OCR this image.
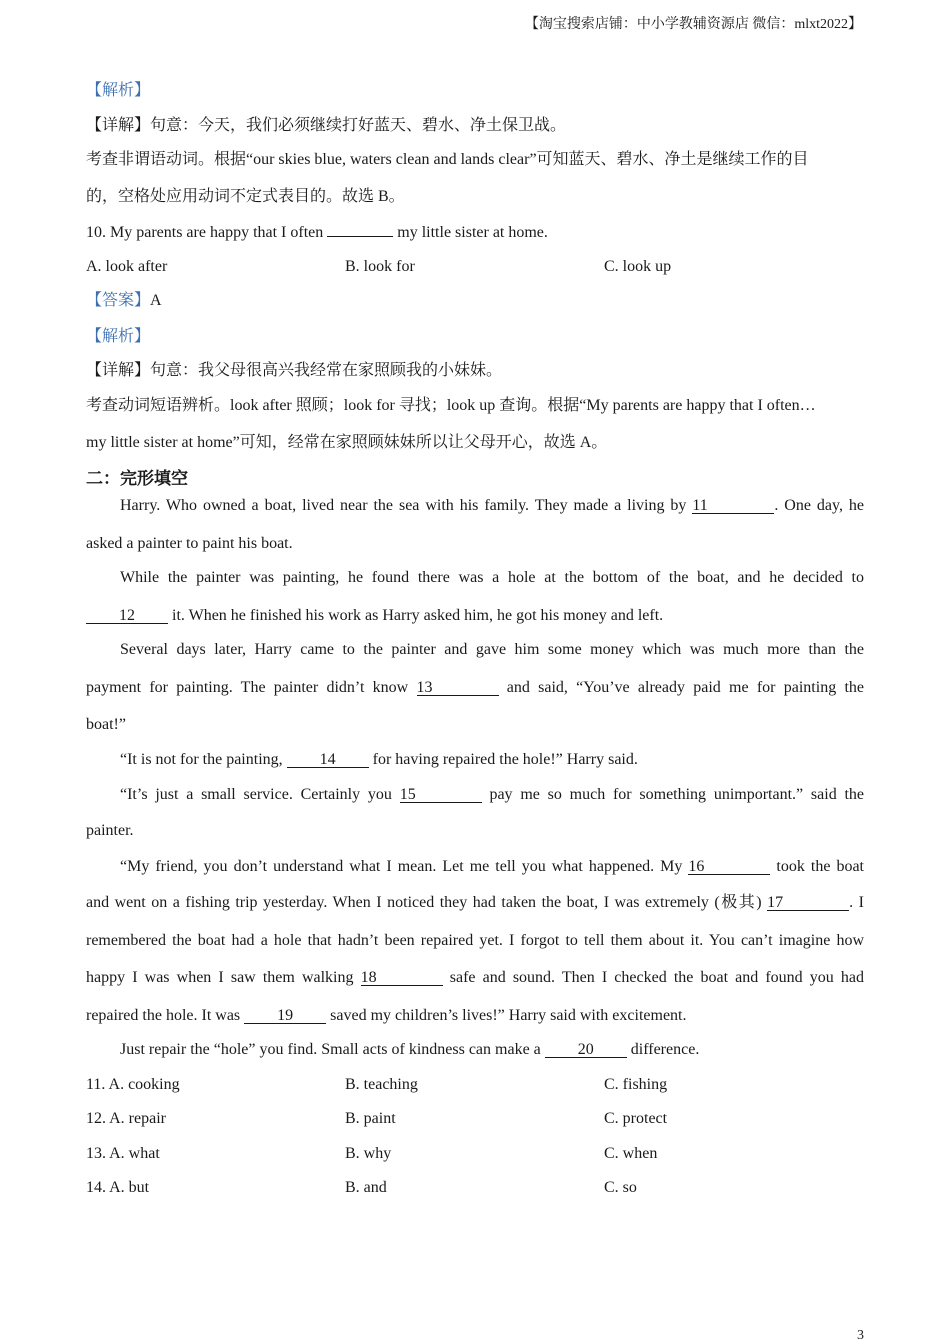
【淘宝搜索店铺：中小学教辅资源店 微信：mlxt2022】
【解析】
【详解】句意：今天，我们必须继续打好蓝天、碧水、净土保卫战。
考查非谓语动词。根据“our skies blue, waters clean and lands clear”可知蓝天、碧水、净土是继续工作的目
的，空格处应用动词不定式表目的。故选 B。
10. My parents are happy that I often	my little sister at home.
A. look after	B. look for	C. look up
【答案】A
【解析】
【详解】句意：我父母很高兴我经常在家照顾我的小妹妹。
考查动词短语辨析。look after 照顾；look for 寻找；look up 查询。根据“My parents are happy that I often…
my little sister at home”可知，经常在家照顾妹妹所以让父母开心，故选 A。
二：完形填空
Harry. Who owned a boat, lived near the sea with his family. They made a living by 11	. One day, he
asked a painter to paint his boat.
While the painter was painting, he found there was a hole at the bottom of the boat, and he decided to
12 it. When he finished his work as Harry asked him, he got his money and left.
Several days later, Harry came to the painter and gave him some money which was much more than the
payment for painting. The painter didn’t know 13	and said, “You’ve already paid me for painting the
boat!”
“It is not for the painting, 14 for having repaired the hole!” Harry said.
“It’s just a small service. Certainly you 15	pay me so much for something unimportant.” said the
painter.
“My friend, you don’t understand what I mean. Let me tell you what happened. My 16	took the boat
and went on a fishing trip yesterday. When I noticed they had taken the boat, I was extremely (极其) 17	. I
remembered the boat had a hole that hadn’t been repaired yet. I forgot to tell them about it. You can’t imagine how
happy I was when I saw them walking 18	safe and sound. Then I checked the boat and found you had
repaired the hole. It was 19 saved my children’s lives!” Harry said with excitement.
Just repair the “hole” you find. Small acts of kindness can make a 20 difference.
11. A. cooking	B. teaching	C. fishing
12. A. repair	B. paint	C. protect
13. A. what	B. why	C. when
14. A. but	B. and	C. so
3
